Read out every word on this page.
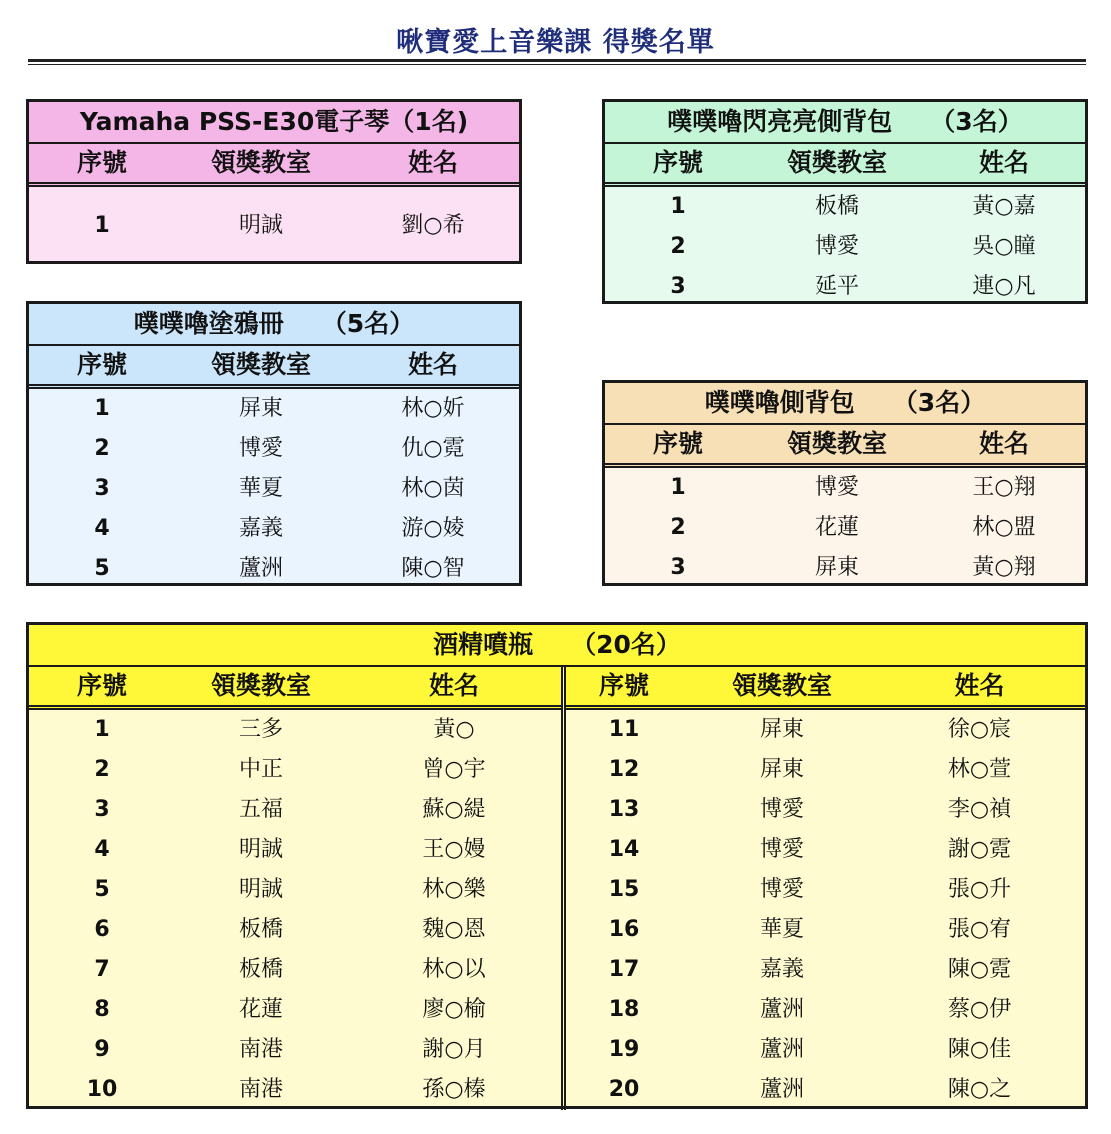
啾寶愛上音樂課 得獎名單
Yamaha PSS-E30電子琴（1名)
序號	領獎教室	姓名
1	明誠	劉○希
噗噗嚕閃亮亮側背包 （3名）
序號	領獎教室	姓名
1	板橋	黃○嘉
2	博愛	吳○瞳
3	延平	連○凡
噗噗嚕塗鴉冊 （5名）
序號	領獎教室	姓名
1	屏東	林○妡
2	博愛	仇○霓
3	華夏	林○茵
4	嘉義	游○婈
5	蘆洲	陳○智
噗噗嚕側背包 （3名）
序號	領獎教室	姓名
1	博愛	王○翔
2	花蓮	林○盟
3	屏東	黃○翔
酒精噴瓶 （20名）
序號	領獎教室	姓名
1	三多	黃○
2	中正	曾○宇
3	五福	蘇○緹
4	明誠	王○嫚
5	明誠	林○樂
6	板橋	魏○恩
7	板橋	林○以
8	花蓮	廖○榆
9	南港	謝○月
10	南港	孫○榛
序號	領獎教室	姓名
11	屏東	徐○宸
12	屏東	林○萱
13	博愛	李○禎
14	博愛	謝○霓
15	博愛	張○升
16	華夏	張○宥
17	嘉義	陳○霓
18	蘆洲	蔡○伊
19	蘆洲	陳○佳
20	蘆洲	陳○之
